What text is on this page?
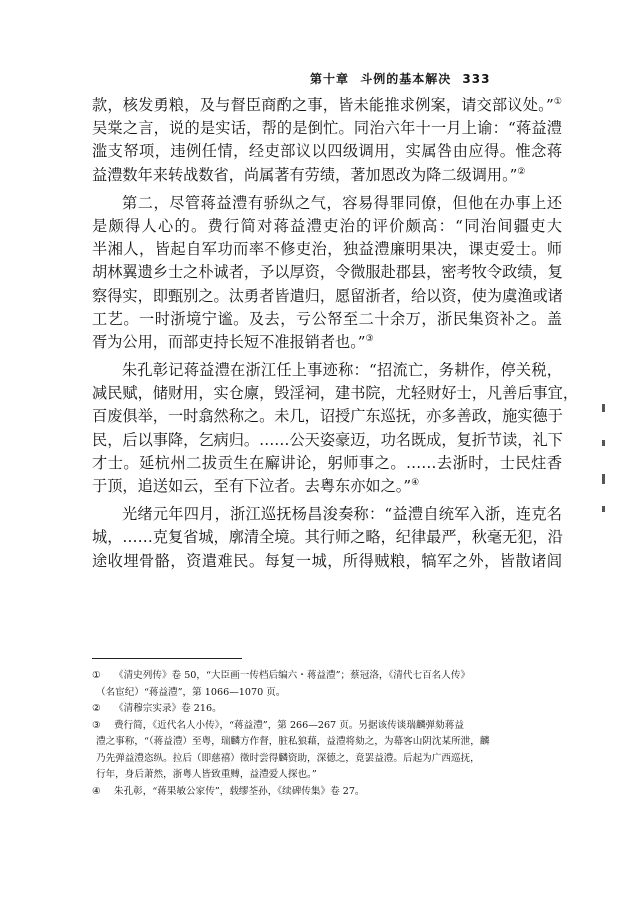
第十章 斗例的基本解决 333
款，核发勇粮，及与督臣商酌之事，皆未能推求例案，请交部议处。”①
吴棠之言，说的是实话，帮的是倒忙。同治六年十一月上谕：“蒋益澧
滥支帑项，违例任情，经吏部议以四级调用，实属咎由应得。惟念蒋
益澧数年来转战数省，尚属著有劳绩，著加恩改为降二级调用。”②
第二，尽管蒋益澧有骄纵之气，容易得罪同僚，但他在办事上还
是颇得人心的。费行简对蒋益澧吏治的评价颇高：“同治间疆吏大
半湘人，皆起自军功而率不修吏治，独益澧廉明果决，课吏爱士。师
胡林翼遗乡士之朴诚者，予以厚资，令微服赴郡县，密考牧令政绩，复
察得实，即甄别之。汰勇者皆遣归，愿留浙者，给以资，使为虞渔或诸
工艺。一时浙境宁谧。及去，亏公帑至二十余万，浙民集资补之。盖
胥为公用，而部吏持长短不准报销者也。”③
朱孔彰记蒋益澧在浙江任上事迹称：“招流亡，务耕作，停关税，
减民赋，储财用，实仓廪，毁淫祠，建书院，尤轻财好士，凡善后事宜，
百废俱举，一时翕然称之。未几，诏授广东巡抚，亦多善政，施实德于
民，后以事降，乞病归。……公天姿豪迈，功名既成，复折节读，礼下
才士。延杭州二拔贡生在廨讲论，躬师事之。……去浙时，士民炷香
于顶，追送如云，至有下泣者。去粤东亦如之。”④
光绪元年四月，浙江巡抚杨昌浚奏称：“益澧自统军入浙，连克名
城，……克复省城，廓清全境。其行师之略，纪律最严，秋毫无犯，沿
途收埋骨骼，资遣难民。每复一城，所得贼粮，犒军之外，皆散诸闾
① 《清史列传》卷 50，“大臣画一传档后编六・蒋益澧”；蔡冠洛，《清代七百名人传》
（名宦纪）“蒋益澧”，第 1066—1070 页。
② 《清穆宗实录》卷 216。
③ 费行简，《近代名人小传》，“蒋益澧”，第 266—267 页。另据该传谈瑞麟弹劾蒋益
澧之事称，“（蒋益澧）至粤，瑞麟方作督，脏私狼藉，益澧将劾之，为幕客山阴沈某所泄，麟
乃先弹益澧恣纵。拉后（即慈禧）徵时尝得麟资助，深德之，竟罢益澧。后起为广西巡抚，
行年，身后萧然，浙粤人皆致重赙，益澧爱人探也。”
④ 朱孔彰，“蒋果敏公家传”，载缪荃孙，《续碑传集》卷 27。
